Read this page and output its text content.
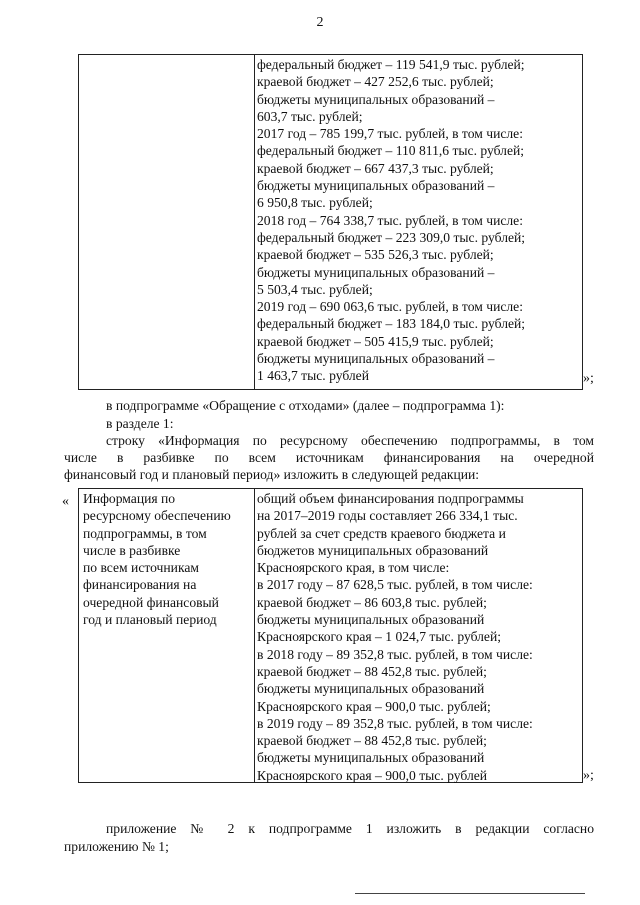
2
федеральный бюджет – 119 541,9 тыс. рублей;
краевой бюджет – 427 252,6 тыс. рублей;
бюджеты муниципальных образований –
603,7 тыс. рублей;
2017 год – 785 199,7 тыс. рублей, в том числе:
федеральный бюджет – 110 811,6 тыс. рублей;
краевой бюджет – 667 437,3 тыс. рублей;
бюджеты муниципальных образований –
6 950,8 тыс. рублей;
2018 год – 764 338,7 тыс. рублей, в том числе:
федеральный бюджет – 223 309,0 тыс. рублей;
краевой бюджет – 535 526,3 тыс. рублей;
бюджеты муниципальных образований –
5 503,4 тыс. рублей;
2019 год – 690 063,6 тыс. рублей, в том числе:
федеральный бюджет – 183 184,0 тыс. рублей;
краевой бюджет – 505 415,9 тыс. рублей;
бюджеты муниципальных образований –
1 463,7 тыс. рублей	»;
в подпрограмме «Обращение с отходами» (далее – подпрограмма 1):
в разделе 1:
строку «Информация по ресурсному обеспечению подпрограммы, в том
числе в разбивке по всем источникам финансирования на очередной
финансовый год и плановый период» изложить в следующей редакции:
« Информация по
ресурсному обеспечению
подпрограммы, в том
числе в разбивке
по всем источникам
финансирования на
очередной финансовый
год и плановый период
общий объем финансирования подпрограммы
на 2017–2019 годы составляет 266 334,1 тыс.
рублей за счет средств краевого бюджета и
бюджетов муниципальных образований
Красноярского края, в том числе:
в 2017 году – 87 628,5 тыс. рублей, в том числе:
краевой бюджет – 86 603,8 тыс. рублей;
бюджеты муниципальных образований
Красноярского края – 1 024,7 тыс. рублей;
в 2018 году – 89 352,8 тыс. рублей, в том числе:
краевой бюджет – 88 452,8 тыс. рублей;
бюджеты муниципальных образований
Красноярского края – 900,0 тыс. рублей;
в 2019 году – 89 352,8 тыс. рублей, в том числе:
краевой бюджет – 88 452,8 тыс. рублей;
бюджеты муниципальных образований
Красноярского края – 900,0 тыс. рублей	»;
приложение № 2 к подпрограмме 1 изложить в редакции согласно
приложению № 1;
